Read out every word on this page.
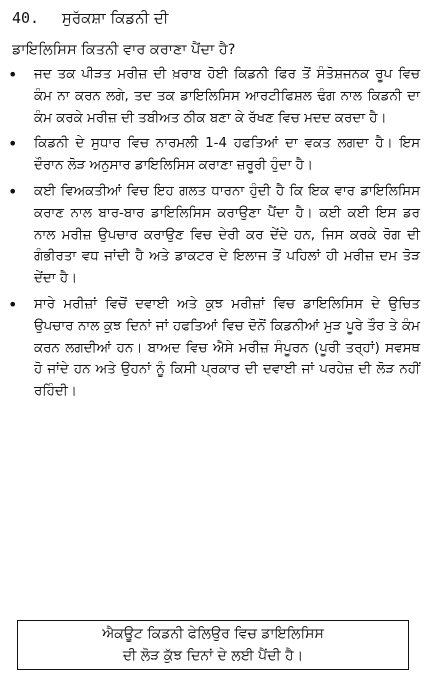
40. ਸੁਰੱਕਸ਼ਾ ਕਿਡਨੀ ਦੀ
ਡਾਇਲਿਸਿਸ ਕਿਤਨੀ ਵਾਰ ਕਰਾਣਾ ਪੈਂਦਾ ਹੈ?
• ਜਦ ਤਕ ਪੀੜਤ ਮਰੀਜ਼ ਦੀ ਖ਼ਰਾਬ ਹੋਈ ਕਿਡਨੀ ਫਿਰ ਤੋਂ ਸੰਤੋਸ਼ਜਨਕ ਰੂਪ ਵਿਚ ਕੰਮ ਨਾ ਕਰਨ ਲਗੇ, ਤਦ ਤਕ ਡਾਇਲਿਸਿਸ ਆਰਟੀਫਿਸ਼ਲ ਢੰਗ ਨਾਲ ਕਿਡਨੀ ਦਾ ਕੰਮ ਕਰਕੇ ਮਰੀਜ਼ ਦੀ ਤਬੀਅਤ ਠੀਕ ਬਣਾ ਕੇ ਰੱਖਣ ਵਿਚ ਮਦਦ ਕਰਦਾ ਹੈ।
• ਕਿਡਨੀ ਦੇ ਸੁਧਾਰ ਵਿਚ ਨਾਰਮਲੀ 1-4 ਹਫਤਿਆਂ ਦਾ ਵਕਤ ਲਗਦਾ ਹੈ। ਇਸ ਦੌਰਾਨ ਲੋੜ ਅਨੁਸਾਰ ਡਾਇਲਿਸਿਸ ਕਰਾਣਾ ਜ਼ਰੂਰੀ ਹੁੰਦਾ ਹੈ।
• ਕਈ ਵਿਅਕਤੀਆਂ ਵਿਚ ਇਹ ਗਲਤ ਧਾਰਨਾ ਹੁੰਦੀ ਹੈ ਕਿ ਇਕ ਵਾਰ ਡਾਇਲਿਸਿਸ ਕਰਾਣ ਨਾਲ ਬਾਰ-ਬਾਰ ਡਾਇਲਿਸਿਸ ਕਰਾਉਣਾ ਪੈਂਦਾ ਹੈ। ਕਈ ਕਈ ਇਸ ਡਰ ਨਾਲ ਮਰੀਜ਼ ਉਪਚਾਰ ਕਰਾਉਣ ਵਿਚ ਦੇਰੀ ਕਰ ਦੇਂਦੇ ਹਨ, ਜਿਸ ਕਰਕੇ ਰੋਗ ਦੀ ਗੰਭੀਰਤਾ ਵਧ ਜਾਂਦੀ ਹੈ ਅਤੇ ਡਾਕਟਰ ਦੇ ਇਲਾਜ ਤੋਂ ਪਹਿਲਾਂ ਹੀ ਮਰੀਜ਼ ਦਮ ਤੋੜ ਦੇਂਦਾ ਹੈ।
• ਸਾਰੇ ਮਰੀਜ਼ਾਂ ਵਿਚੋਂ ਦਵਾਈ ਅਤੇ ਕੁਝ ਮਰੀਜ਼ਾਂ ਵਿਚ ਡਾਇਲਿਸਿਸ ਦੇ ਉਚਿਤ ਉਪਚਾਰ ਨਾਲ ਕੁਝ ਦਿਨਾਂ ਜਾਂ ਹਫਤਿਆਂ ਵਿਚ ਦੋਨੋਂ ਕਿਡਨੀਆਂ ਮੁੜ ਪੂਰੇ ਤੌਰ ਤੇ ਕੰਮ ਕਰਨ ਲਗਦੀਆਂ ਹਨ। ਬਾਅਦ ਵਿਚ ਐਸੇ ਮਰੀਜ਼ ਸੰਪੂਰਨ (ਪੂਰੀ ਤਰ੍ਹਾਂ) ਸਵਸਥ ਹੋ ਜਾਂਦੇ ਹਨ ਅਤੇ ਉਹਨਾਂ ਨੂੰ ਕਿਸੀ ਪ੍ਰਕਾਰ ਦੀ ਦਵਾਈ ਜਾਂ ਪਰਹੇਜ਼ ਦੀ ਲੋੜ ਨਹੀਂ ਰਹਿੰਦੀ।
ਐਕਊਟ ਕਿਡਨੀ ਫੇਲਿਉਰ ਵਿਚ ਡਾਇਲਿਸਿਸ
ਦੀ ਲੋੜ ਕੁੱਝ ਦਿਨਾਂ ਦੇ ਲਈ ਪੈਂਦੀ ਹੈ।
